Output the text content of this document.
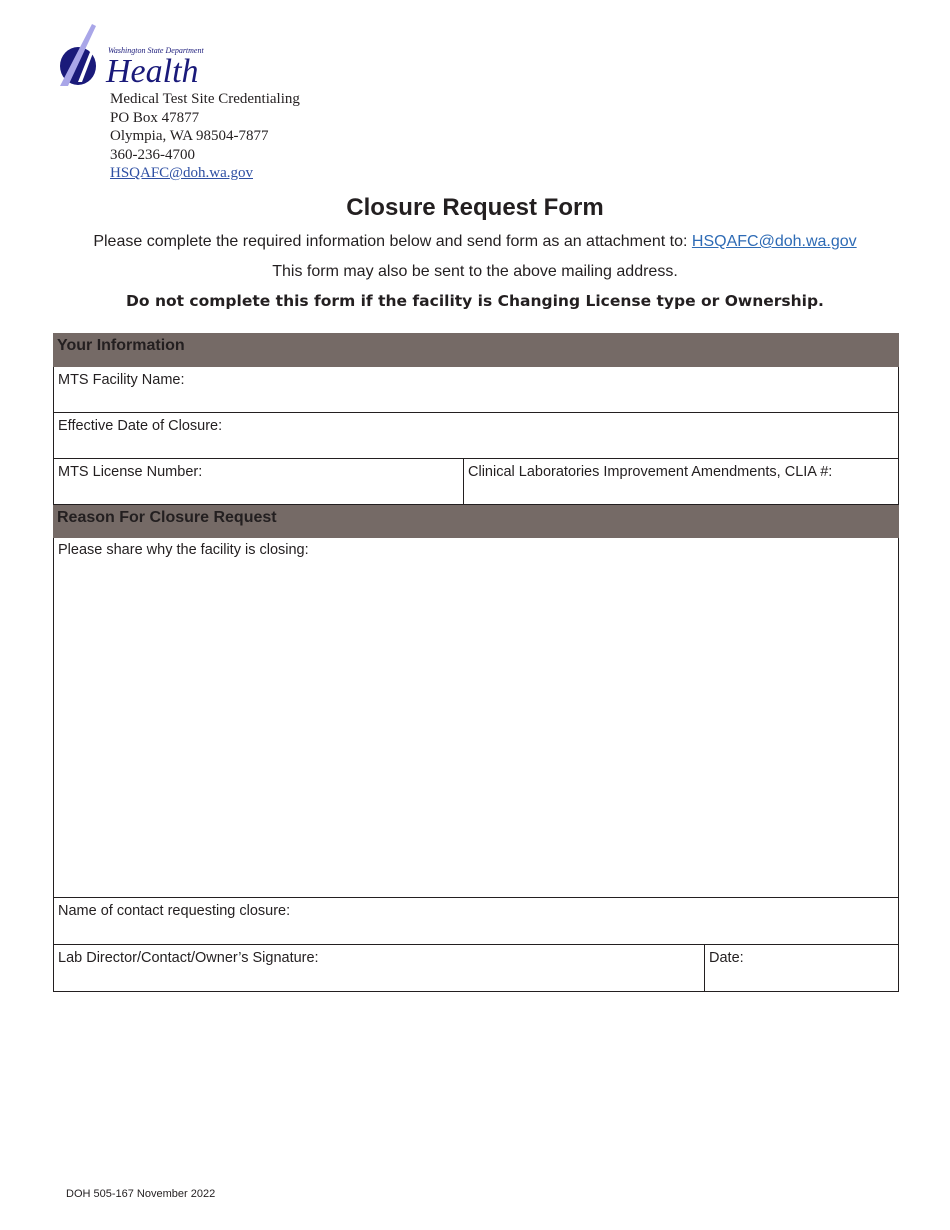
Washington State Department of
Health
Medical Test Site Credentialing
PO Box 47877
Olympia, WA 98504-7877
360-236-4700
HSQAFC@doh.wa.gov
Closure Request Form
Please complete the required information below and send form as an attachment to: HSQAFC@doh.wa.gov
This form may also be sent to the above mailing address.
Do not complete this form if the facility is Changing License type or Ownership.
Your Information
MTS Facility Name:
Effective Date of Closure:
MTS License Number:	Clinical Laboratories Improvement Amendments, CLIA #:
Reason For Closure Request
Please share why the facility is closing:
Name of contact requesting closure:
Lab Director/Contact/Owner’s Signature:	Date:
DOH 505-167 November 2022
